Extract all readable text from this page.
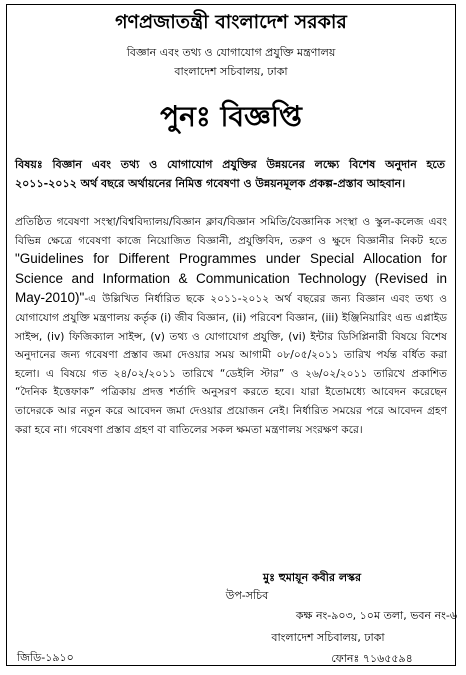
গণপ্রজাতন্ত্রী বাংলাদেশ সরকার
বিজ্ঞান এবং তথ্য ও যোগাযোগ প্রযুক্তি মন্ত্রণালয়
বাংলাদেশ সচিবালয়, ঢাকা
পুনঃ বিজ্ঞপ্তি
বিষয়ঃ বিজ্ঞান এবং তথ্য ও যোগাযোগ প্রযুক্তির উন্নয়নের লক্ষ্যে বিশেষ অনুদান হতে ২০১১-২০১২ অর্থ বছরে অর্থায়নের নিমিত্ত গবেষণা ও উন্নয়নমূলক প্রকল্প-প্রস্তাব আহবান।
প্রতিষ্ঠিত গবেষণা সংস্থা/বিশ্ববিদ্যালয়/বিজ্ঞান ক্লাব/বিজ্ঞান সমিতি/বৈজ্ঞানিক সংস্থা ও স্কুল-কলেজ এবং বিভিন্ন ক্ষেত্রে গবেষণা কাজে নিয়োজিত বিজ্ঞানী, প্রযুক্তিবিদ, তরুণ ও ক্ষুদে বিজ্ঞানীর নিকট হতে "Guidelines for Different Programmes under Special Allocation for Science and Information & Communication Technology (Revised in May-2010)"-এ উল্লিখিত নির্ধারিত ছকে ২০১১-২০১২ অর্থ বছরের জন্য বিজ্ঞান এবং তথ্য ও যোগাযোগ প্রযুক্তি মন্ত্রণালয় কর্তৃক (i) জীব বিজ্ঞান, (ii) পরিবেশ বিজ্ঞান, (iii) ইঞ্জিনিয়ারিং এন্ড এপ্লাইড সাইন্স, (iv) ফিজিক্যাল সাইন্স, (v) তথ্য ও যোগাযোগ প্রযুক্তি, (vi) ইন্টার ডিসিপ্লিনারী বিষয়ে বিশেষ অনুদানের জন্য গবেষণা প্রস্তাব জমা দেওয়ার সময় আগামী ০৮/০৫/২০১১ তারিখ পর্যন্ত বর্ধিত করা হলো। এ বিষয়ে গত ২৪/০২/২০১১ তারিখে “ডেইলি স্টার” ও ২৬/০২/২০১১ তারিখে প্রকাশিত “দৈনিক ইত্তেফাক” পত্রিকায় প্রদত্ত শর্তাদি অনুসরণ করতে হবে। যারা ইতোমধ্যে আবেদন করেছেন তাদেরকে আর নতুন করে আবেদন জমা দেওয়ার প্রয়োজন নেই। নির্ধারিত সময়ের পরে আবেদন গ্রহণ করা হবে না। গবেষণা প্রস্তাব গ্রহণ বা বাতিলের সকল ক্ষমতা মন্ত্রণালয় সংরক্ষণ করে।
মুঃ হুমায়ূন কবীর লস্কর
উপ-সচিব
কক্ষ নং-৯০৩, ১০ম তলা, ভবন নং-৬
বাংলাদেশ সচিবালয়, ঢাকা
ফোনঃ ৭১৬৫৫৯৪
জিডি-১৯১০
